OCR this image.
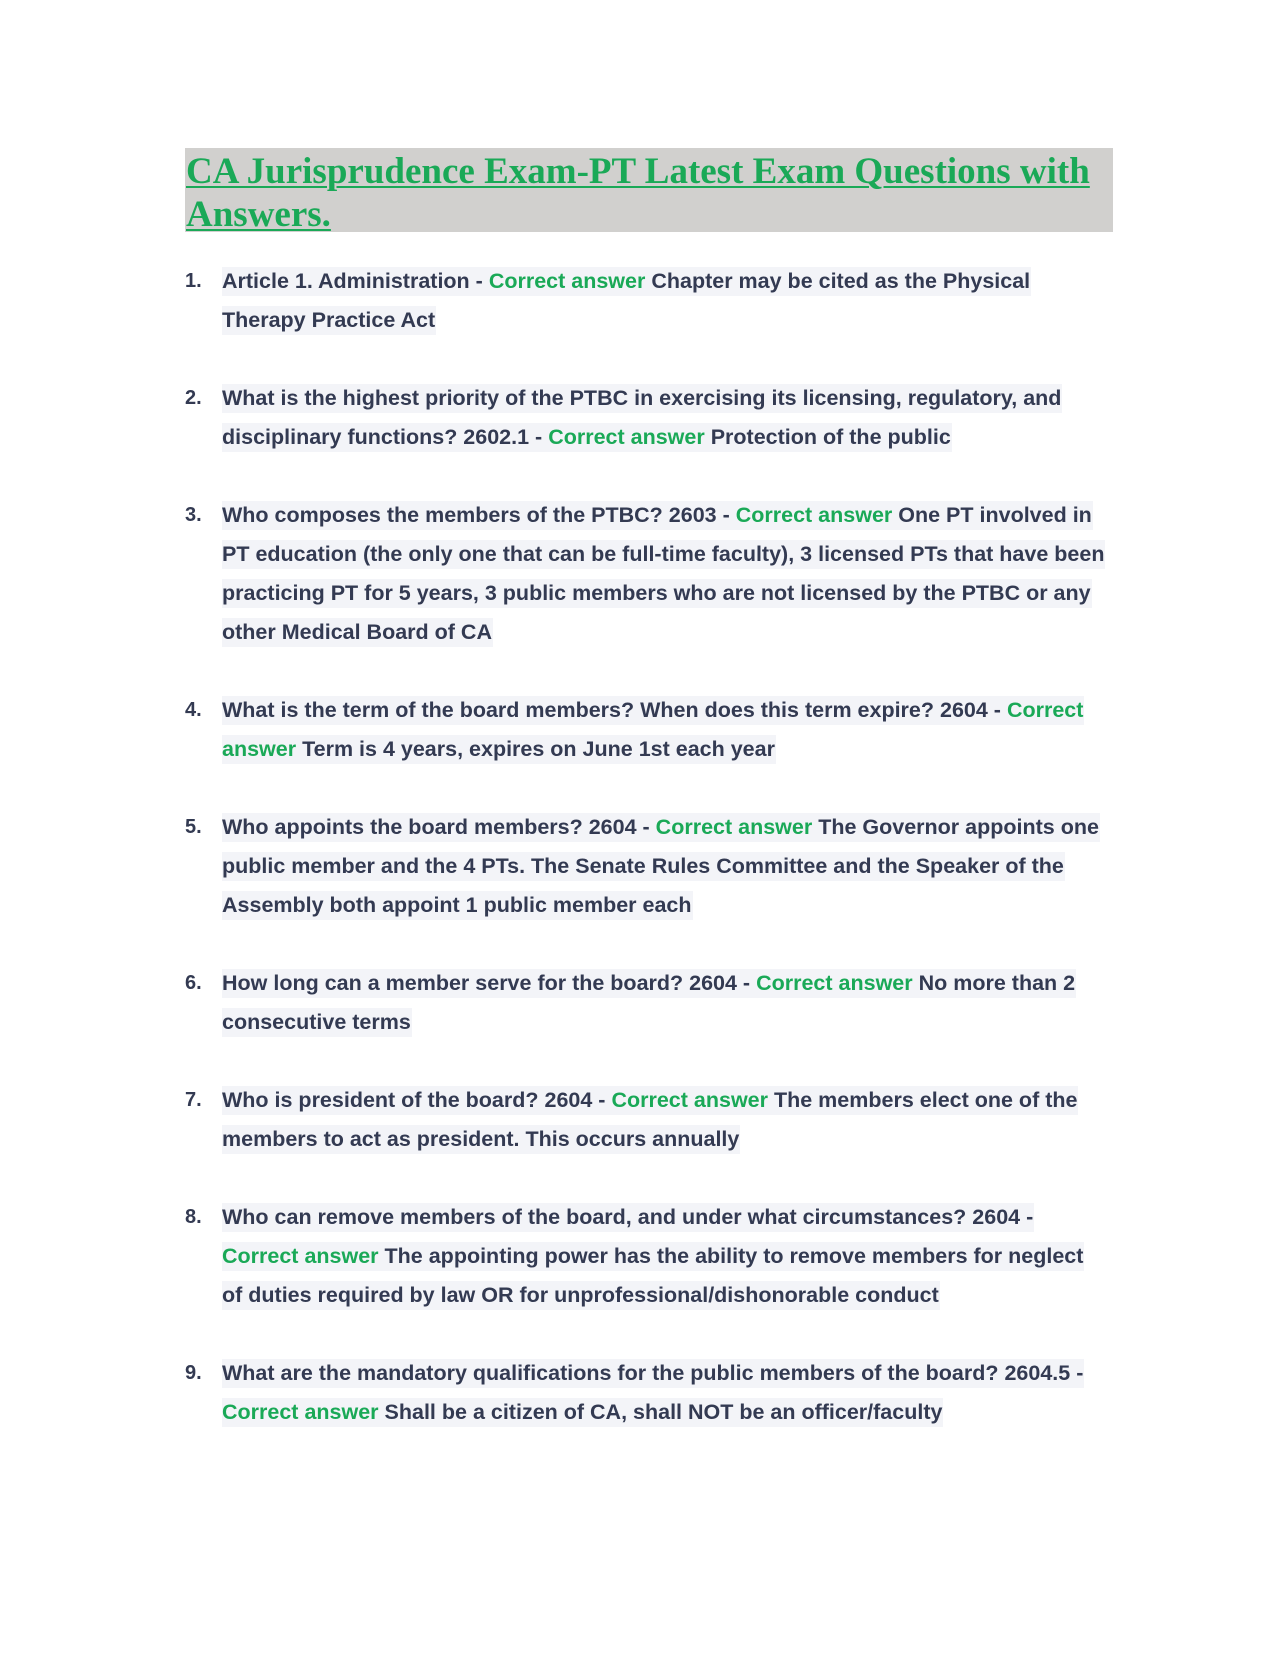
CA Jurisprudence Exam-PT Latest Exam Questions with Answers.
1. Article 1. Administration - Correct answer Chapter may be cited as the Physical Therapy Practice Act
2. What is the highest priority of the PTBC in exercising its licensing, regulatory, and disciplinary functions? 2602.1 - Correct answer Protection of the public
3. Who composes the members of the PTBC? 2603 - Correct answer One PT involved in PT education (the only one that can be full-time faculty), 3 licensed PTs that have been practicing PT for 5 years, 3 public members who are not licensed by the PTBC or any other Medical Board of CA
4. What is the term of the board members? When does this term expire? 2604 - Correct answer Term is 4 years, expires on June 1st each year
5. Who appoints the board members? 2604 - Correct answer The Governor appoints one public member and the 4 PTs. The Senate Rules Committee and the Speaker of the Assembly both appoint 1 public member each
6. How long can a member serve for the board? 2604 - Correct answer No more than 2 consecutive terms
7. Who is president of the board? 2604 - Correct answer The members elect one of the members to act as president. This occurs annually
8. Who can remove members of the board, and under what circumstances? 2604 - Correct answer The appointing power has the ability to remove members for neglect of duties required by law OR for unprofessional/dishonorable conduct
9. What are the mandatory qualifications for the public members of the board? 2604.5 - Correct answer Shall be a citizen of CA, shall NOT be an officer/faculty
